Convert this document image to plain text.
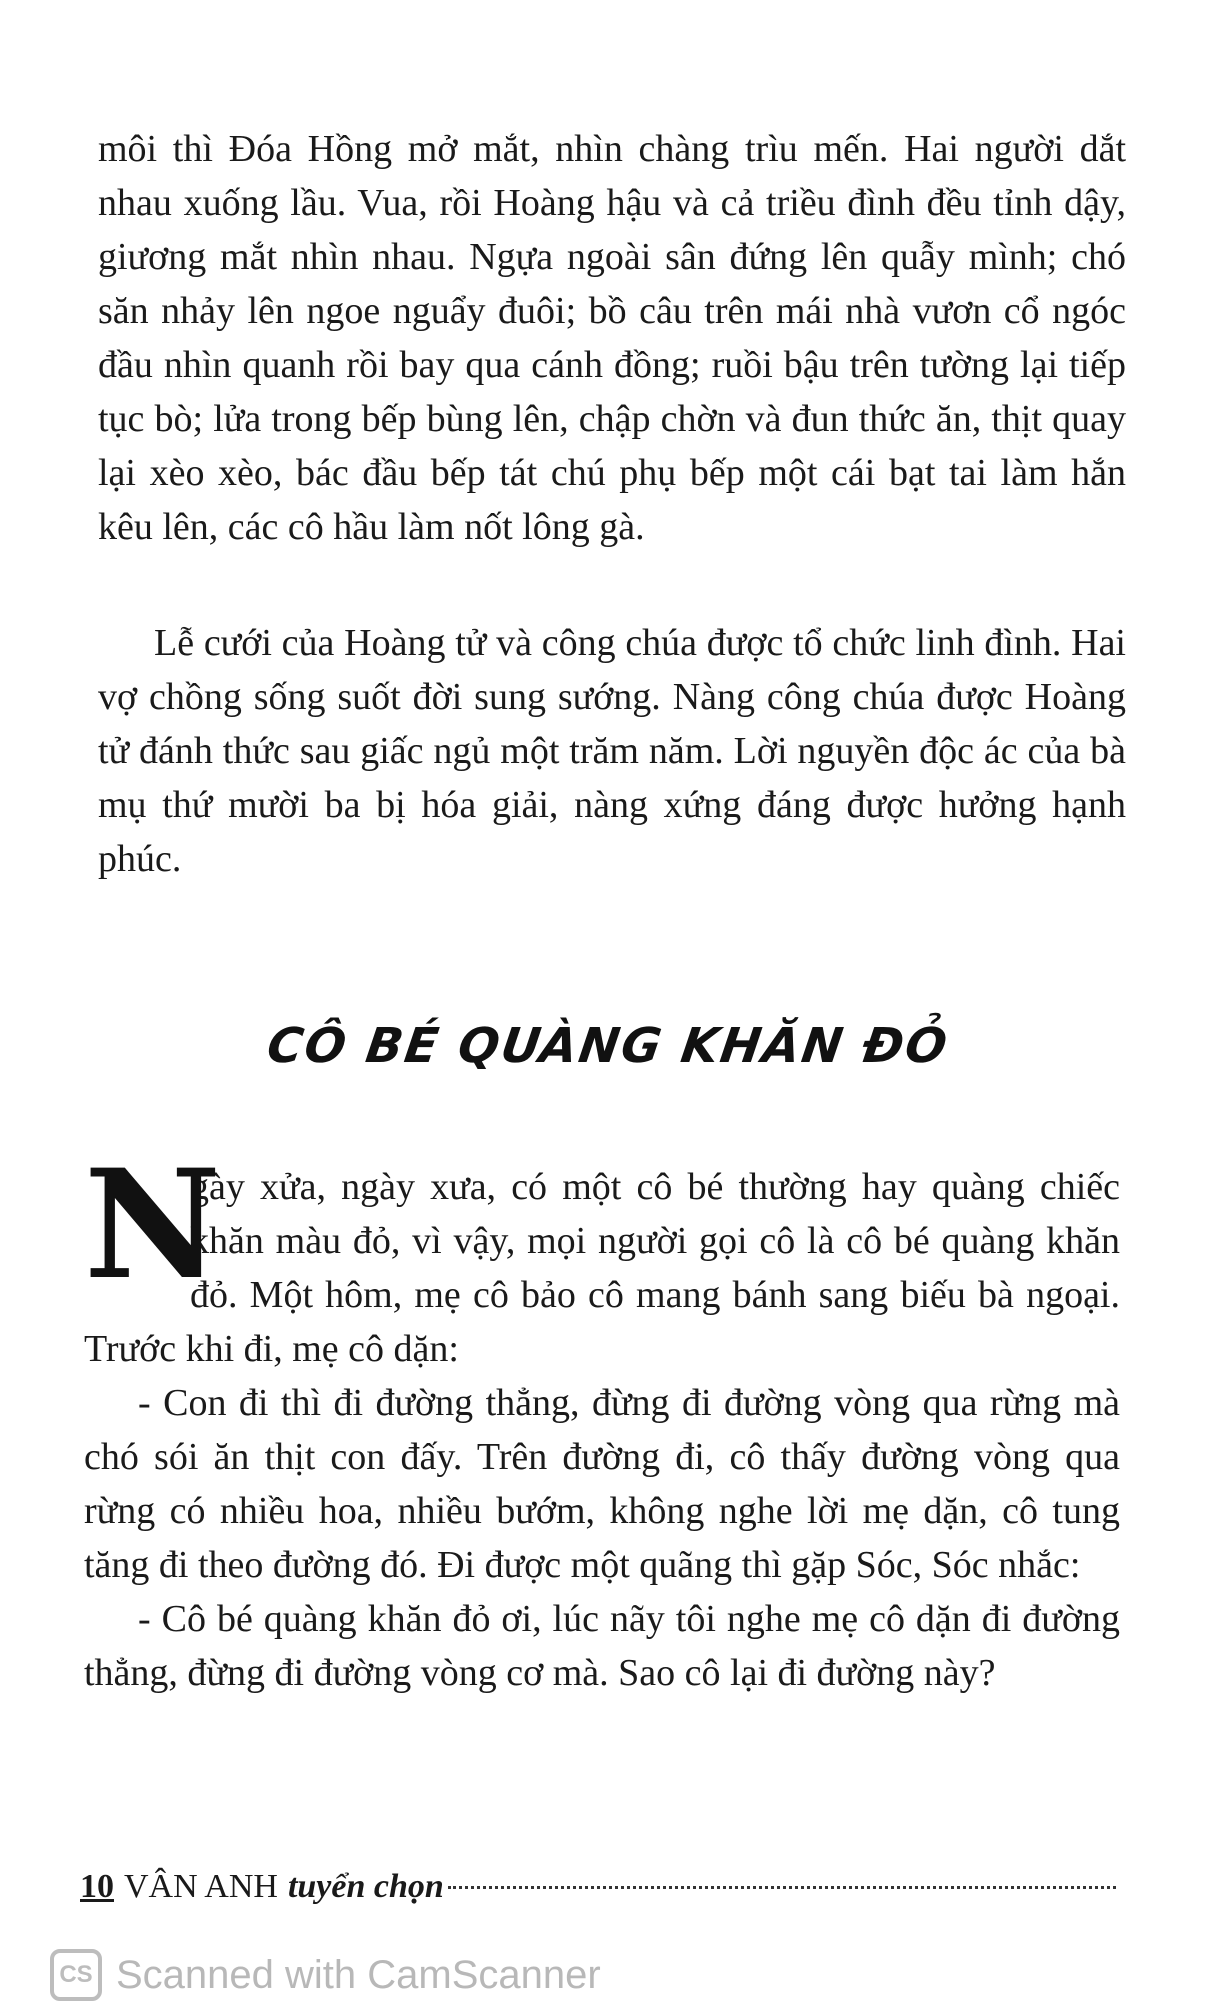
môi thì Đóa Hồng mở mắt, nhìn chàng trìu mến. Hai người dắt nhau xuống lầu. Vua, rồi Hoàng hậu và cả triều đình đều tỉnh dậy, giương mắt nhìn nhau. Ngựa ngoài sân đứng lên quẫy mình; chó săn nhảy lên ngoe nguẩy đuôi; bồ câu trên mái nhà vươn cổ ngóc đầu nhìn quanh rồi bay qua cánh đồng; ruồi bậu trên tường lại tiếp tục bò; lửa trong bếp bùng lên, chập chờn và đun thức ăn, thịt quay lại xèo xèo, bác đầu bếp tát chú phụ bếp một cái bạt tai làm hắn kêu lên, các cô hầu làm nốt lông gà.

Lễ cưới của Hoàng tử và công chúa được tổ chức linh đình. Hai vợ chồng sống suốt đời sung sướng. Nàng công chúa được Hoàng tử đánh thức sau giấc ngủ một trăm năm. Lời nguyền độc ác của bà mụ thứ mười ba bị hóa giải, nàng xứng đáng được hưởng hạnh phúc.

CÔ BÉ QUÀNG KHĂN ĐỎ
N

gày xửa, ngày xưa, có một cô bé thường hay quàng chiếc khăn màu đỏ, vì vậy, mọi người gọi cô là cô bé quàng khăn đỏ. Một hôm, mẹ cô bảo cô mang bánh sang biếu bà ngoại. Trước khi đi, mẹ cô dặn:

- Con đi thì đi đường thẳng, đừng đi đường vòng qua rừng mà chó sói ăn thịt con đấy. Trên đường đi, cô thấy đường vòng qua rừng có nhiều hoa, nhiều bướm, không nghe lời mẹ dặn, cô tung tăng đi theo đường đó. Đi được một quãng thì gặp Sóc, Sóc nhắc:

- Cô bé quàng khăn đỏ ơi, lúc nãy tôi nghe mẹ cô dặn đi đường thẳng, đừng đi đường vòng cơ mà. Sao cô lại đi đường này?

10 VÂN ANH tuyển chọn
CS Scanned with CamScanner
